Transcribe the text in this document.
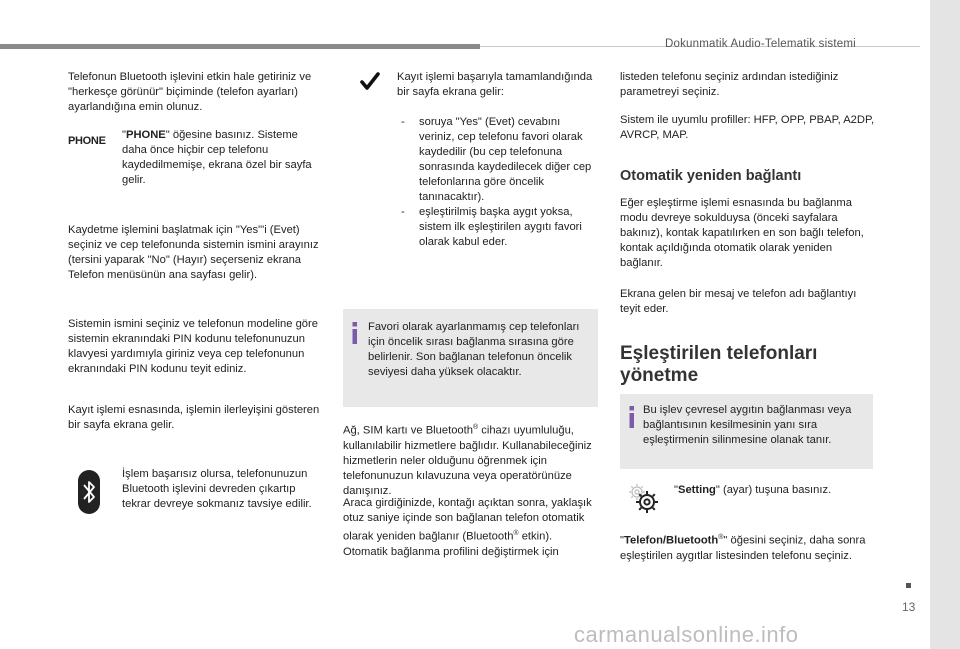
Dokunmatik Audio-Telematik sistemi
13

Telefonun Bluetooth işlevini etkin hale getiriniz ve "herkesçe görünür" biçiminde (telefon ayarları) ayarlandığına emin olunuz.

PHONE "PHONE" öğesine basınız. Sisteme daha önce hiçbir cep telefonu kaydedilmemişe, ekrana özel bir sayfa gelir.

Kaydetme işlemini başlatmak için "Yes"'i (Evet) seçiniz ve cep telefonunda sistemin ismini arayınız (tersini yaparak "No" (Hayır) seçerseniz ekrana Telefon menüsünün ana sayfası gelir).

Sistemin ismini seçiniz ve telefonun modeline göre sistemin ekranındaki PIN kodunu telefonunuzun klavyesi yardımıyla giriniz veya cep telefonunun ekranındaki PIN kodunu teyit ediniz.

Kayıt işlemi esnasında, işlemin ilerleyişini gösteren bir sayfa ekrana gelir.

İşlem başarısız olursa, telefonunuzun Bluetooth işlevini devreden çıkartıp tekrar devreye sokmanız tavsiye edilir.

Kayıt işlemi başarıyla tamamlandığında bir sayfa ekrana gelir:

- soruya "Yes" (Evet) cevabını veriniz, cep telefonu favori olarak kaydedilir (bu cep telefonuna sonrasında kaydedilecek diğer cep telefonlarına göre öncelik tanınacaktır).
- eşleştirilmiş başka aygıt yoksa, sistem ilk eşleştirilen aygıtı favori olarak kabul eder.

Favori olarak ayarlanmamış cep telefonları için öncelik sırası bağlanma sırasına göre belirlenir. Son bağlanan telefonun öncelik seviyesi daha yüksek olacaktır.

Ağ, SIM kartı ve Bluetooth® cihazı uyumluluğu, kullanılabilir hizmetlere bağlıdır. Kullanabileceğiniz hizmetlerin neler olduğunu öğrenmek için telefonunuzun kılavuzuna veya operatörünüze danışınız.

Araca girdiğinizde, kontağı açıktan sonra, yaklaşık otuz saniye içinde son bağlanan telefon otomatik olarak yeniden bağlanır (Bluetooth® etkin).
Otomatik bağlanma profilini değiştirmek için

listeden telefonu seçiniz ardından istediğiniz parametreyi seçiniz.

Sistem ile uyumlu profiller: HFP, OPP, PBAP, A2DP, AVRCP, MAP.

Otomatik yeniden bağlantı

Eğer eşleştirme işlemi esnasında bu bağlanma modu devreye sokulduysa (önceki sayfalara bakınız), kontak kapatılırken en son bağlı telefon, kontak açıldığında otomatik olarak yeniden bağlanır.

Ekrana gelen bir mesaj ve telefon adı bağlantıyı teyit eder.

Eşleştirilen telefonları
yönetme

Bu işlev çevresel aygıtın bağlanması veya bağlantısının kesilmesinin yanı sıra eşleştirmenin silinmesine olanak tanır.

"Setting" (ayar) tuşuna basınız.

"Telefon/Bluetooth®" öğesini seçiniz, daha sonra eşleştirilen aygıtlar listesinden telefonu seçiniz.

carmanualsonline.info
